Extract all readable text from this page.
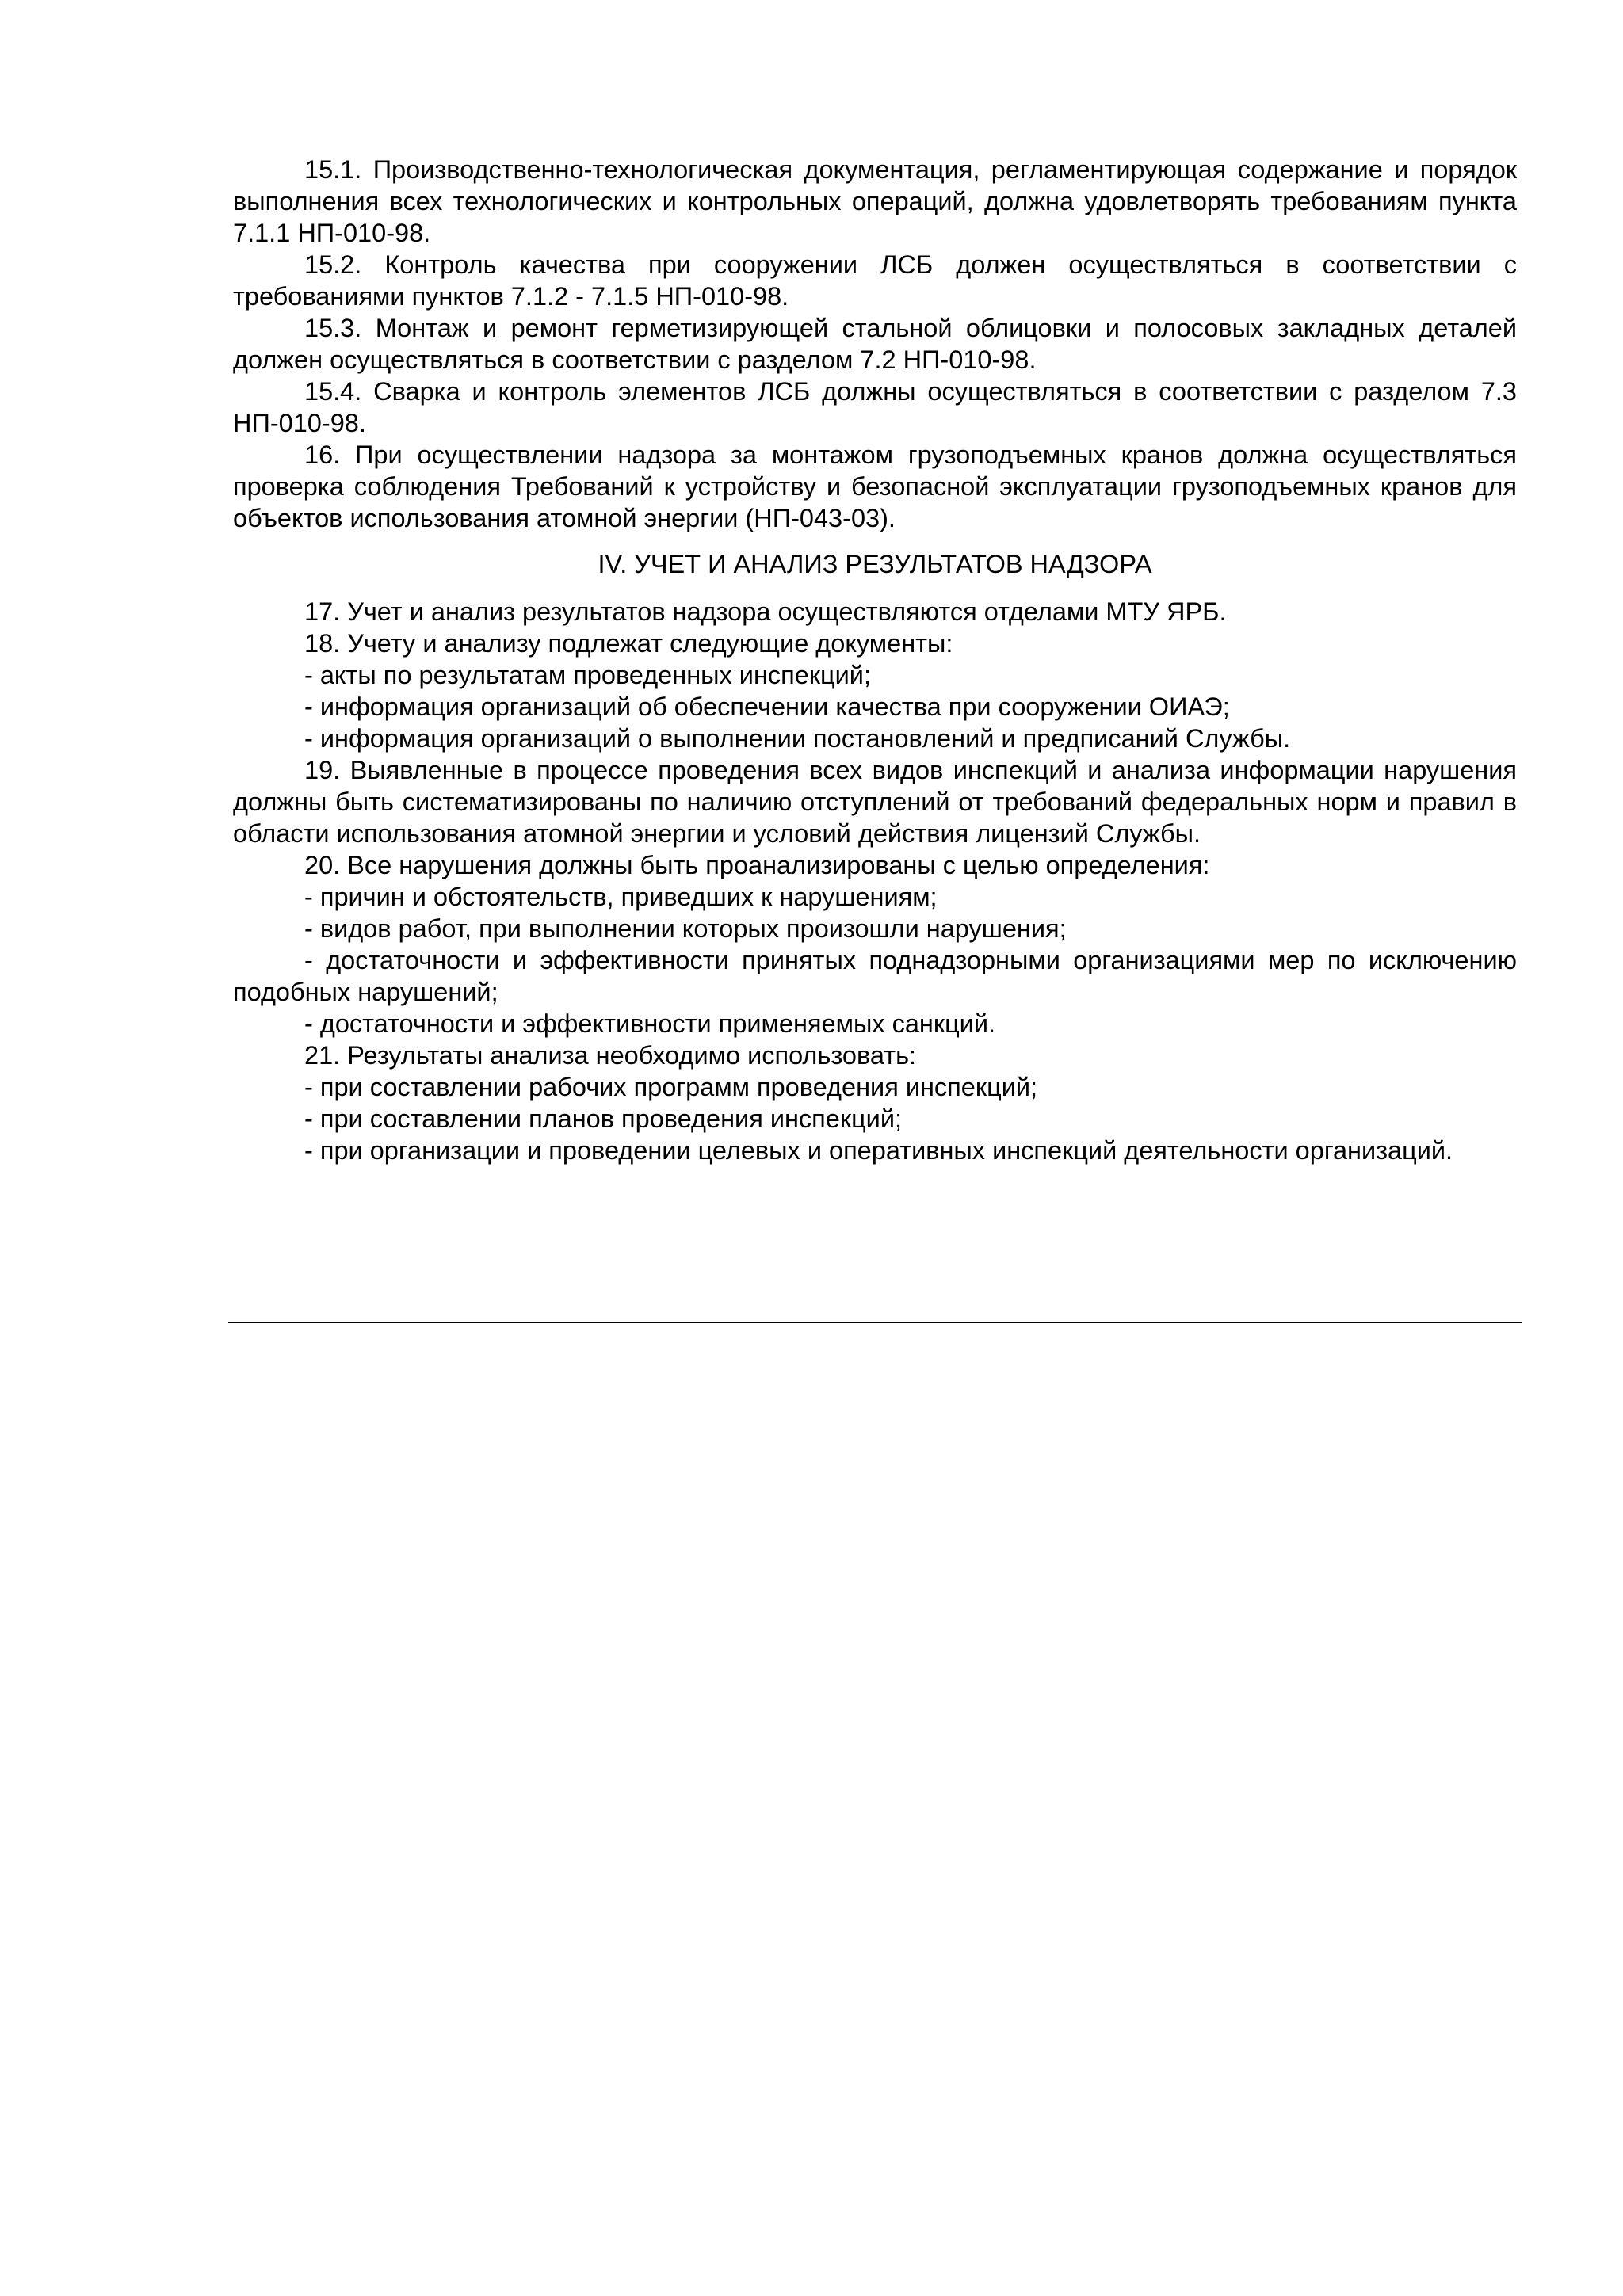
15.1. Производственно-технологическая документация, регламентирующая содержание и порядок выполнения всех технологических и контрольных операций, должна удовлетворять требованиям пункта 7.1.1 НП-010-98.

15.2. Контроль качества при сооружении ЛСБ должен осуществляться в соответствии с требованиями пунктов 7.1.2 - 7.1.5 НП-010-98.

15.3. Монтаж и ремонт герметизирующей стальной облицовки и полосовых закладных деталей должен осуществляться в соответствии с разделом 7.2 НП-010-98.

15.4. Сварка и контроль элементов ЛСБ должны осуществляться в соответствии с разделом 7.3 НП-010-98.

16. При осуществлении надзора за монтажом грузоподъемных кранов должна осуществляться проверка соблюдения Требований к устройству и безопасной эксплуатации грузоподъемных кранов для объектов использования атомной энергии (НП-043-03).

IV. УЧЕТ И АНАЛИЗ РЕЗУЛЬТАТОВ НАДЗОРА

17. Учет и анализ результатов надзора осуществляются отделами МТУ ЯРБ.

18. Учету и анализу подлежат следующие документы:

- акты по результатам проведенных инспекций;

- информация организаций об обеспечении качества при сооружении ОИАЭ;

- информация организаций о выполнении постановлений и предписаний Службы.

19. Выявленные в процессе проведения всех видов инспекций и анализа информации нарушения должны быть систематизированы по наличию отступлений от требований федеральных норм и правил в области использования атомной энергии и условий действия лицензий Службы.

20. Все нарушения должны быть проанализированы с целью определения:

- причин и обстоятельств, приведших к нарушениям;

- видов работ, при выполнении которых произошли нарушения;

- достаточности и эффективности принятых поднадзорными организациями мер по исключению подобных нарушений;

- достаточности и эффективности применяемых санкций.

21. Результаты анализа необходимо использовать:

- при составлении рабочих программ проведения инспекций;

- при составлении планов проведения инспекций;

- при организации и проведении целевых и оперативных инспекций деятельности организаций.
